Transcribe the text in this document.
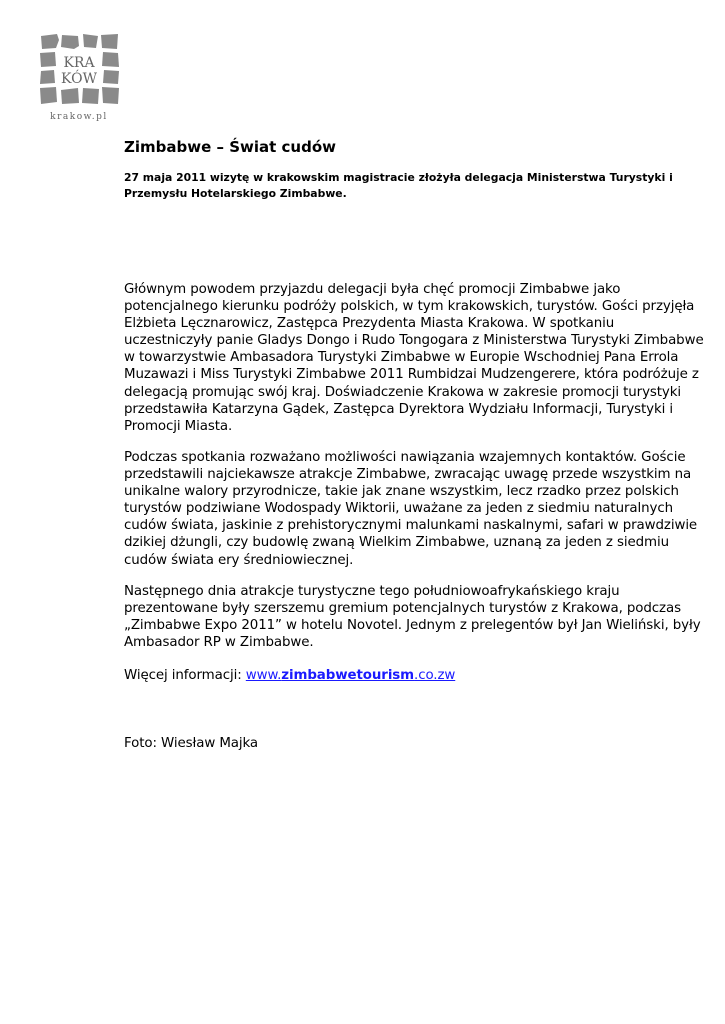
KRA
KÓW
krakow.pl
Zimbabwe – Świat cudów

27 maja 2011 wizytę w krakowskim magistracie złożyła delegacja Ministerstwa Turystyki i Przemysłu Hotelarskiego Zimbabwe.

Głównym powodem przyjazdu delegacji była chęć promocji Zimbabwe jako potencjalnego kierunku podróży polskich, w tym krakowskich, turystów. Gości przyjęła Elżbieta Lęcznarowicz, Zastępca Prezydenta Miasta Krakowa. W spotkaniu uczestniczyły panie Gladys Dongo i Rudo Tongogara z Ministerstwa Turystyki Zimbabwe w towarzystwie Ambasadora Turystyki Zimbabwe w Europie Wschodniej Pana Errola Muzawazi i Miss Turystyki Zimbabwe 2011 Rumbidzai Mudzengerere, która podróżuje z delegacją promując swój kraj. Doświadczenie Krakowa w zakresie promocji turystyki przedstawiła Katarzyna Gądek, Zastępca Dyrektora Wydziału Informacji, Turystyki i Promocji Miasta.

Podczas spotkania rozważano możliwości nawiązania wzajemnych kontaktów. Goście przedstawili najciekawsze atrakcje Zimbabwe, zwracając uwagę przede wszystkim na unikalne walory przyrodnicze, takie jak znane wszystkim, lecz rzadko przez polskich turystów podziwiane Wodospady Wiktorii, uważane za jeden z siedmiu naturalnych cudów świata, jaskinie z prehistorycznymi malunkami naskalnymi, safari w prawdziwie dzikiej dżungli, czy budowlę zwaną Wielkim Zimbabwe, uznaną za jeden z siedmiu cudów świata ery średniowiecznej.

Następnego dnia atrakcje turystyczne tego południowoafrykańskiego kraju prezentowane były szerszemu gremium potencjalnych turystów z Krakowa, podczas „Zimbabwe Expo 2011” w hotelu Novotel. Jednym z prelegentów był Jan Wieliński, były Ambasador RP w Zimbabwe.

Więcej informacji: www.zimbabwetourism.co.zw

Foto: Wiesław Majka
